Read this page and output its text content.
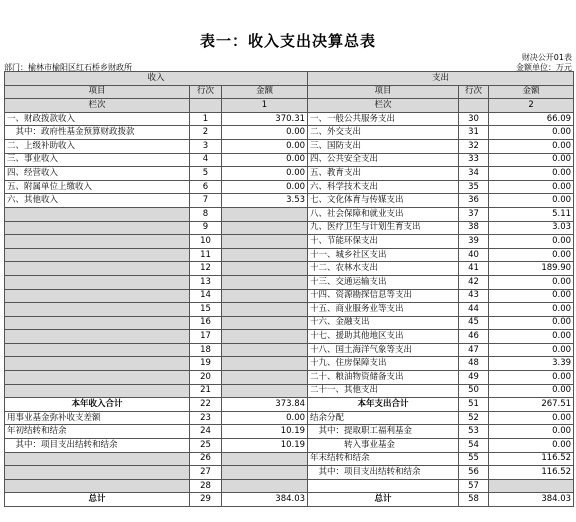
表一：收入支出决算总表
财决公开01表
部门：榆林市榆阳区红石桥乡财政所	金额单位：万元
收入			支出		
项目	行次	金额	项目	行次	金额
栏次		1	栏次		2
一、财政拨款收入	1	370.31	一、一般公共服务支出	30	66.09
　其中：政府性基金预算财政拨款	2	0.00	二、外交支出	31	0.00
二、上级补助收入	3	0.00	三、国防支出	32	0.00
三、事业收入	4	0.00	四、公共安全支出	33	0.00
四、经营收入	5	0.00	五、教育支出	34	0.00
五、附属单位上缴收入	6	0.00	六、科学技术支出	35	0.00
六、其他收入	7	3.53	七、文化体育与传媒支出	36	0.00
	8		八、社会保障和就业支出	37	5.11
	9		九、医疗卫生与计划生育支出	38	3.03
	10		十、节能环保支出	39	0.00
	11		十一、城乡社区支出	40	0.00
	12		十二、农林水支出	41	189.90
	13		十三、交通运输支出	42	0.00
	14		十四、资源勘探信息等支出	43	0.00
	15		十五、商业服务业等支出	44	0.00
	16		十六、金融支出	45	0.00
	17		十七、援助其他地区支出	46	0.00
	18		十八、国土海洋气象等支出	47	0.00
	19		十九、住房保障支出	48	3.39
	20		二十、粮油物资储备支出	49	0.00
	21		二十一、其他支出	50	0.00
本年收入合计	22	373.84	本年支出合计	51	267.51
用事业基金弥补收支差额	23	0.00	结余分配	52	0.00
年初结转和结余	24	10.19	　其中：提取职工福利基金	53	0.00
　其中：项目支出结转和结余	25	10.19	　　　　转入事业基金	54	0.00
	26		年末结转和结余	55	116.52
	27		　其中：项目支出结转和结余	56	116.52
	28			57	
总计	29	384.03	总计	58	384.03
